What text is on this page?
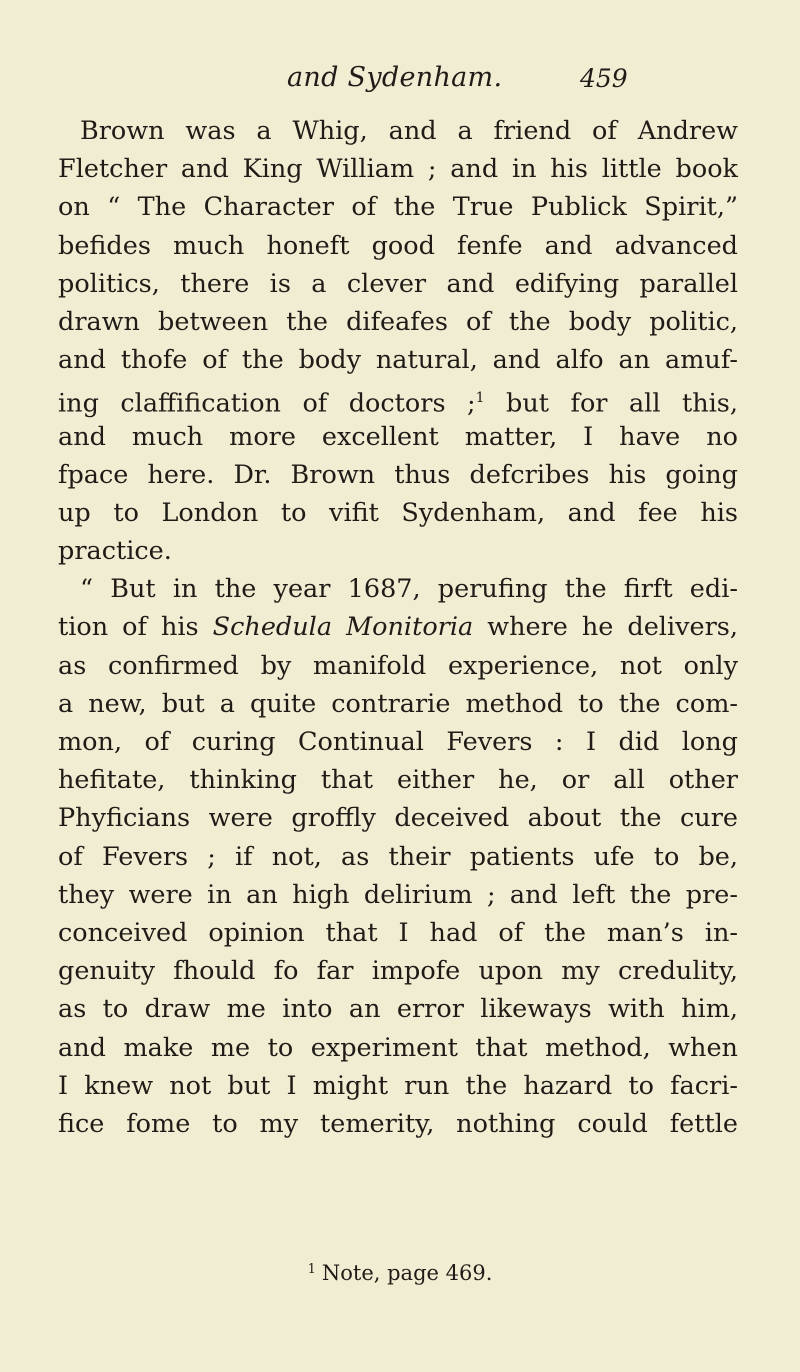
and Sydenham.	459
Brown was a Whig, and a friend of Andrew
Fletcher and King William ; and in his little book
on “ The Character of the True Publick Spirit,”
befides much honeft good fenfe and advanced
politics, there is a clever and edifying parallel
drawn between the difeafes of the body politic,
and thofe of the body natural, and alfo an amuf-
ing claffification of doctors ;$^1$ but for all this,
and much more excellent matter, I have no
fpace here. Dr. Brown thus defcribes his going
up to London to vifit Sydenham, and fee his
practice.
“ But in the year 1687, perufing the firft edi-
tion of his Schedula Monitoria where he delivers,
as confirmed by manifold experience, not only
a new, but a quite contrarie method to the com-
mon, of curing Continual Fevers : I did long
hefitate, thinking that either he, or all other
Phyficians were groffly deceived about the cure
of Fevers ; if not, as their patients ufe to be,
they were in an high delirium ; and left the pre-
conceived opinion that I had of the man’s in-
genuity fhould fo far impofe upon my credulity,
as to draw me into an error likeways with him,
and make me to experiment that method, when
I knew not but I might run the hazard to facri-
fice fome to my temerity, nothing could fettle
$^1$ Note, page 469.
